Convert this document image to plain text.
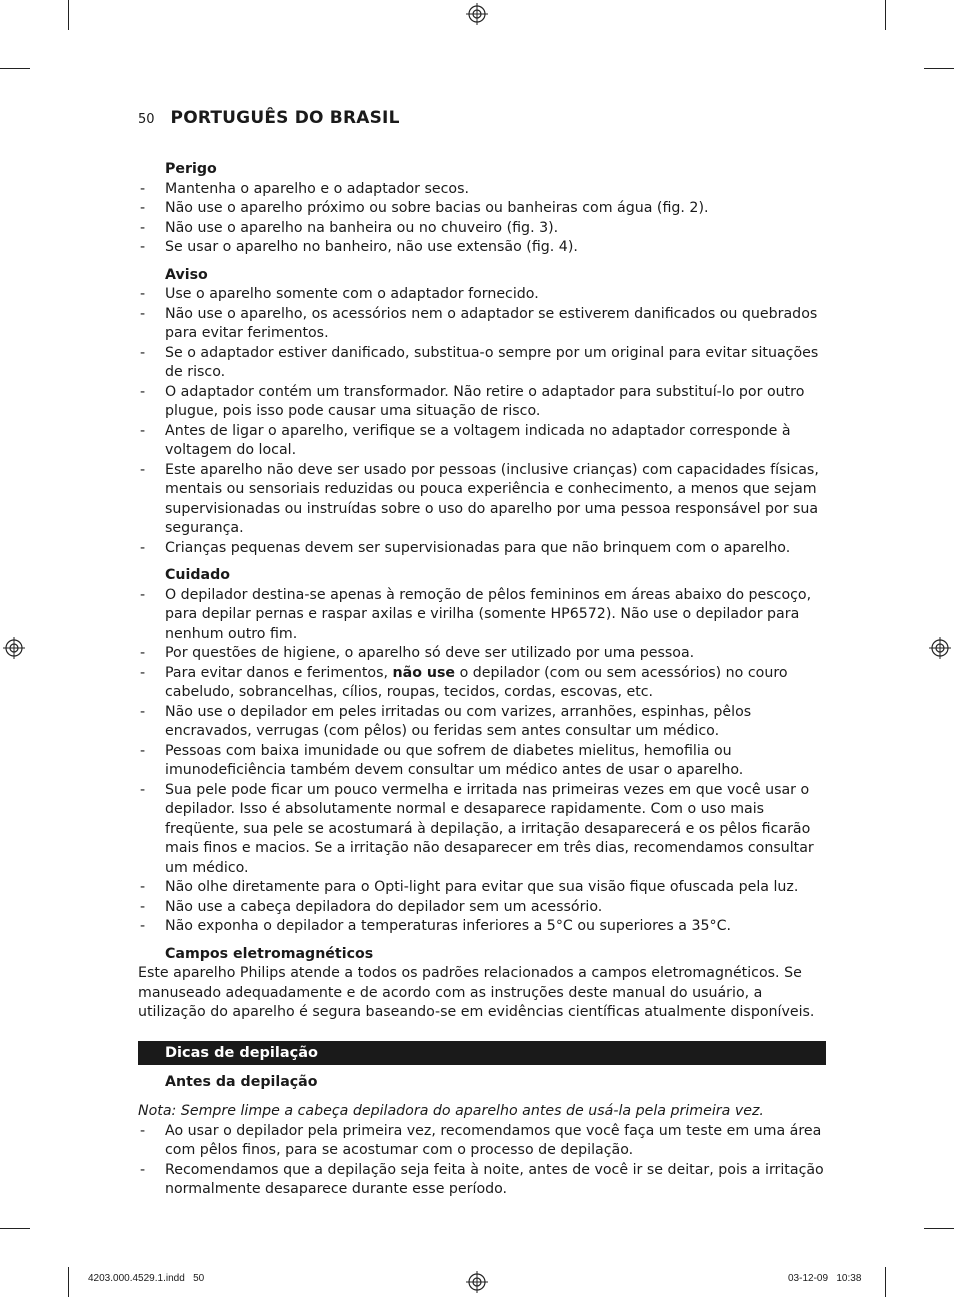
50 PORTUGUÊS DO BRASIL

Perigo

- Mantenha o aparelho e o adaptador secos.
- Não use o aparelho próximo ou sobre bacias ou banheiras com água (fig. 2).
- Não use o aparelho na banheira ou no chuveiro (fig. 3).
- Se usar o aparelho no banheiro, não use extensão (fig. 4).

Aviso

- Use o aparelho somente com o adaptador fornecido.
- Não use o aparelho, os acessórios nem o adaptador se estiverem danificados ou quebrados para evitar ferimentos.
- Se o adaptador estiver danificado, substitua-o sempre por um original para evitar situações de risco.
- O adaptador contém um transformador. Não retire o adaptador para substituí-lo por outro plugue, pois isso pode causar uma situação de risco.
- Antes de ligar o aparelho, verifique se a voltagem indicada no adaptador corresponde à voltagem do local.
- Este aparelho não deve ser usado por pessoas (inclusive crianças) com capacidades físicas, mentais ou sensoriais reduzidas ou pouca experiência e conhecimento, a menos que sejam supervisionadas ou instruídas sobre o uso do aparelho por uma pessoa responsável por sua segurança.
- Crianças pequenas devem ser supervisionadas para que não brinquem com o aparelho.

Cuidado

- O depilador destina-se apenas à remoção de pêlos femininos em áreas abaixo do pescoço, para depilar pernas e raspar axilas e virilha (somente HP6572). Não use o depilador para nenhum outro fim.
- Por questões de higiene, o aparelho só deve ser utilizado por uma pessoa.
- Para evitar danos e ferimentos, não use o depilador (com ou sem acessórios) no couro cabeludo, sobrancelhas, cílios, roupas, tecidos, cordas, escovas, etc.
- Não use o depilador em peles irritadas ou com varizes, arranhões, espinhas, pêlos encravados, verrugas (com pêlos) ou feridas sem antes consultar um médico.
- Pessoas com baixa imunidade ou que sofrem de diabetes mielitus, hemofilia ou imunodeficiência também devem consultar um médico antes de usar o aparelho.
- Sua pele pode ficar um pouco vermelha e irritada nas primeiras vezes em que você usar o depilador. Isso é absolutamente normal e desaparece rapidamente. Com o uso mais freqüente, sua pele se acostumará à depilação, a irritação desaparecerá e os pêlos ficarão mais finos e macios. Se a irritação não desaparecer em três dias, recomendamos consultar um médico.
- Não olhe diretamente para o Opti-light para evitar que sua visão fique ofuscada pela luz.
- Não use a cabeça depiladora do depilador sem um acessório.
- Não exponha o depilador a temperaturas inferiores a 5°C ou superiores a 35°C.

Campos eletromagnéticos

Este aparelho Philips atende a todos os padrões relacionados a campos eletromagnéticos. Se manuseado adequadamente e de acordo com as instruções deste manual do usuário, a utilização do aparelho é segura baseando-se em evidências científicas atualmente disponíveis.

Dicas de depilação

Antes da depilação

Nota: Sempre limpe a cabeça depiladora do aparelho antes de usá-la pela primeira vez.

- Ao usar o depilador pela primeira vez, recomendamos que você faça um teste em uma área com pêlos finos, para se acostumar com o processo de depilação.
- Recomendamos que a depilação seja feita à noite, antes de você ir se deitar, pois a irritação normalmente desaparece durante esse período.
4203.000.4529.1.indd   50	03-12-09   10:38
